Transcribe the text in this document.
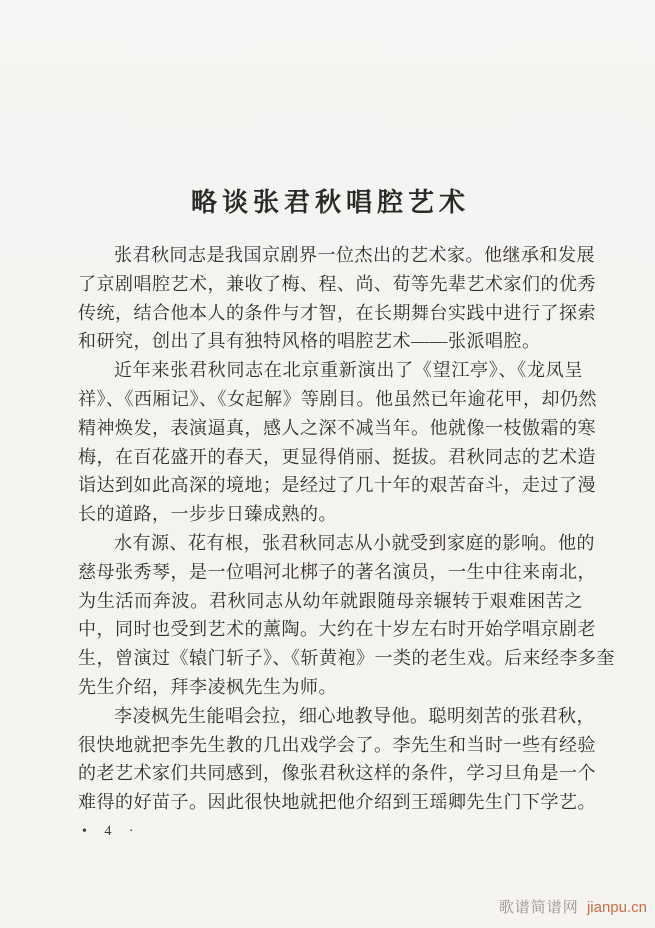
略谈张君秋唱腔艺术
张君秋同志是我国京剧界一位杰出的艺术家。他继承和发展
了京剧唱腔艺术，兼收了梅、程、尚、荀等先辈艺术家们的优秀
传统，结合他本人的条件与才智，在长期舞台实践中进行了探索
和研究，创出了具有独特风格的唱腔艺术——张派唱腔。
近年来张君秋同志在北京重新演出了《望江亭》、《龙凤呈
祥》、《西厢记》、《女起解》等剧目。他虽然已年逾花甲，却仍然
精神焕发，表演逼真，感人之深不减当年。他就像一枝傲霜的寒
梅，在百花盛开的春天，更显得俏丽、挺拔。君秋同志的艺术造
诣达到如此高深的境地；是经过了几十年的艰苦奋斗，走过了漫
长的道路，一步步日臻成熟的。
水有源、花有根，张君秋同志从小就受到家庭的影响。他的
慈母张秀琴，是一位唱河北梆子的著名演员，一生中往来南北，
为生活而奔波。君秋同志从幼年就跟随母亲辗转于艰难困苦之
中，同时也受到艺术的薰陶。大约在十岁左右时开始学唱京剧老
生，曾演过《辕门斩子》、《斩黄袍》一类的老生戏。后来经李多奎
先生介绍，拜李凌枫先生为师。
李凌枫先生能唱会拉，细心地教导他。聪明刻苦的张君秋，
很快地就把李先生教的几出戏学会了。李先生和当时一些有经验
的老艺术家们共同感到，像张君秋这样的条件，学习旦角是一个
难得的好苗子。因此很快地就把他介绍到王瑶卿先生门下学艺。
• 4 ·
歌谱简谱网 jianpu.cn
